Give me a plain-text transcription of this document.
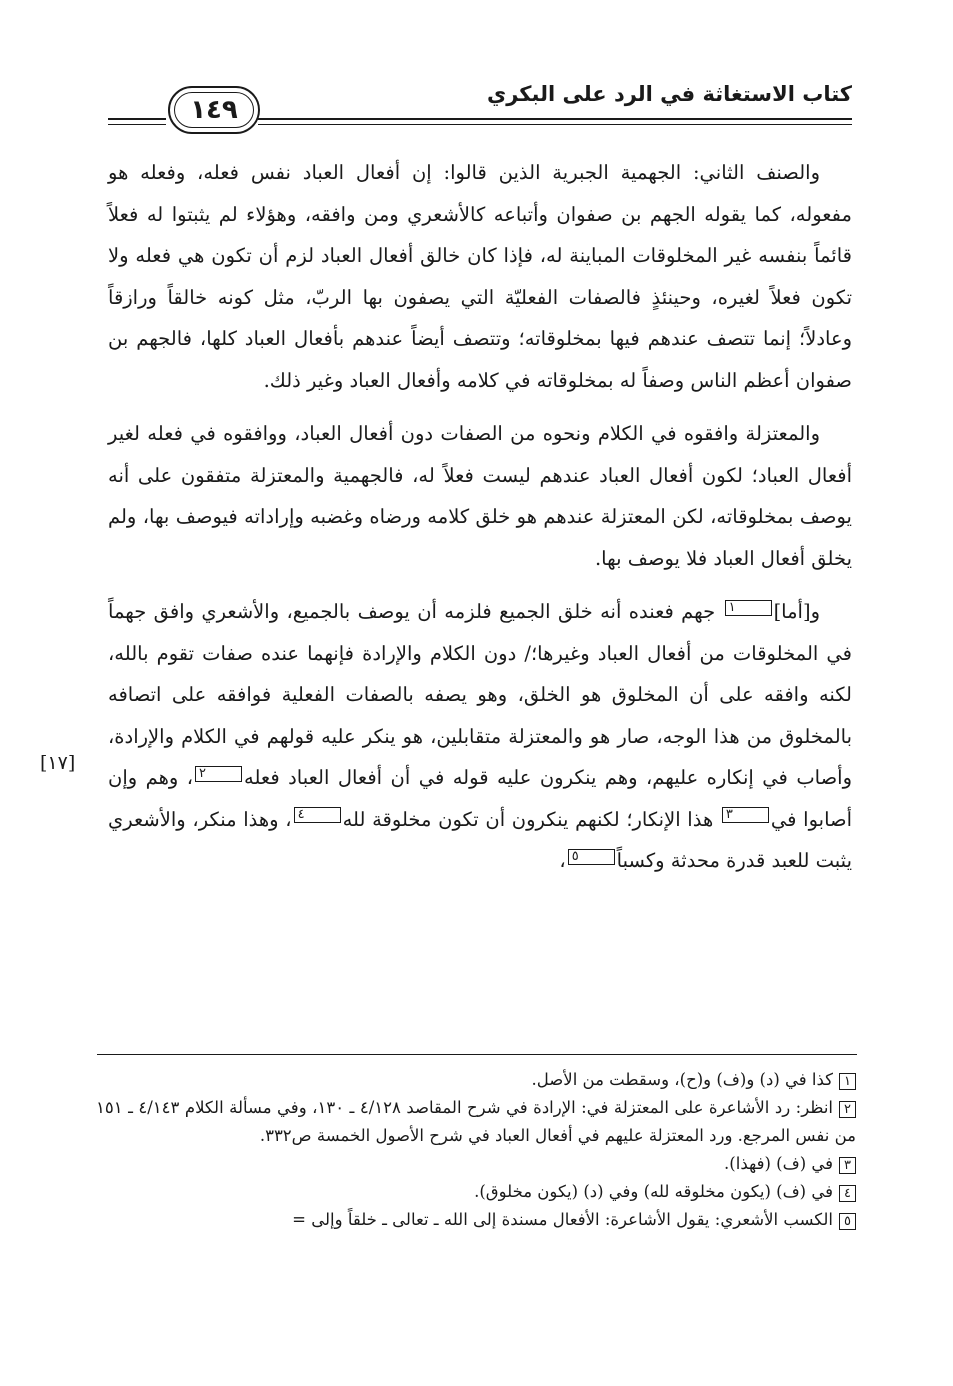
١٤٩
كتاب الاستغاثة في الرد على البكري
[١٧]

والصنف الثاني: الجهمية الجبرية الذين قالوا: إن أفعال العباد نفس فعله، وفعله هو مفعوله، كما يقوله الجهم بن صفوان وأتباعه كالأشعري ومن وافقه، وهؤلاء لم يثبتوا له فعلاً قائماً بنفسه غير المخلوقات المباينة له، فإذا كان خالق أفعال العباد لزم أن تكون هي فعله ولا تكون فعلاً لغيره، وحينئذٍ فالصفات الفعليّة التي يصفون بها الربّ، مثل كونه خالقاً ورازقاً وعادلاً؛ إنما تتصف عندهم فيها بمخلوقاته؛ وتتصف أيضاً عندهم بأفعال العباد كلها، فالجهم بن صفوان أعظم الناس وصفاً له بمخلوقاته في كلامه وأفعال العباد وغير ذلك.

والمعتزلة وافقوه في الكلام ونحوه من الصفات دون أفعال العباد، ووافقوه في فعله لغير أفعال العباد؛ لكون أفعال العباد عندهم ليست فعلاً له، فالجهمية والمعتزلة متفقون على أنه يوصف بمخلوقاته، لكن المعتزلة عندهم هو خلق كلامه ورضاه وغضبه وإراداته فيوصف بها، ولم يخلق أفعال العباد فلا يوصف بها.

و[أما]١ جهم فعنده أنه خلق الجميع فلزمه أن يوصف بالجميع، والأشعري وافق جهماً في المخلوقات من أفعال العباد وغيرها؛/ دون الكلام والإرادة فإنهما عنده صفات تقوم بالله، لكنه وافقه على أن المخلوق هو الخلق، وهو يصفه بالصفات الفعلية فوافقه على اتصافه بالمخلوق من هذا الوجه، صار هو والمعتزلة متقابلين، هو ينكر عليه قولهم في الكلام والإرادة، وأصاب في إنكاره عليهم، وهم ينكرون عليه قوله في أن أفعال العباد فعله٢، وهم وإن أصابوا في٣ هذا الإنكار؛ لكنهم ينكرون أن تكون مخلوقة لله٤، وهذا منكر، والأشعري يثبت للعبد قدرة محدثة وكسباً٥،

١كذا في (د) و(ف) و(ح)، وسقطت من الأصل.

٢انظر: رد الأشاعرة على المعتزلة في: الإرادة في شرح المقاصد ٤/١٢٨ ـ ١٣٠، وفي مسألة الكلام ٤/١٤٣ ـ ١٥١ من نفس المرجع. ورد المعتزلة عليهم في أفعال العباد في شرح الأصول الخمسة ص٣٣٢.

٣في (ف) (فهذا).

٤في (ف) (يكون مخلوقه لله) وفي (د) (يكون مخلوق).

٥الكسب الأشعري: يقول الأشاعرة: الأفعال مسندة إلى الله ـ تعالى ـ خلقاً وإلى =
